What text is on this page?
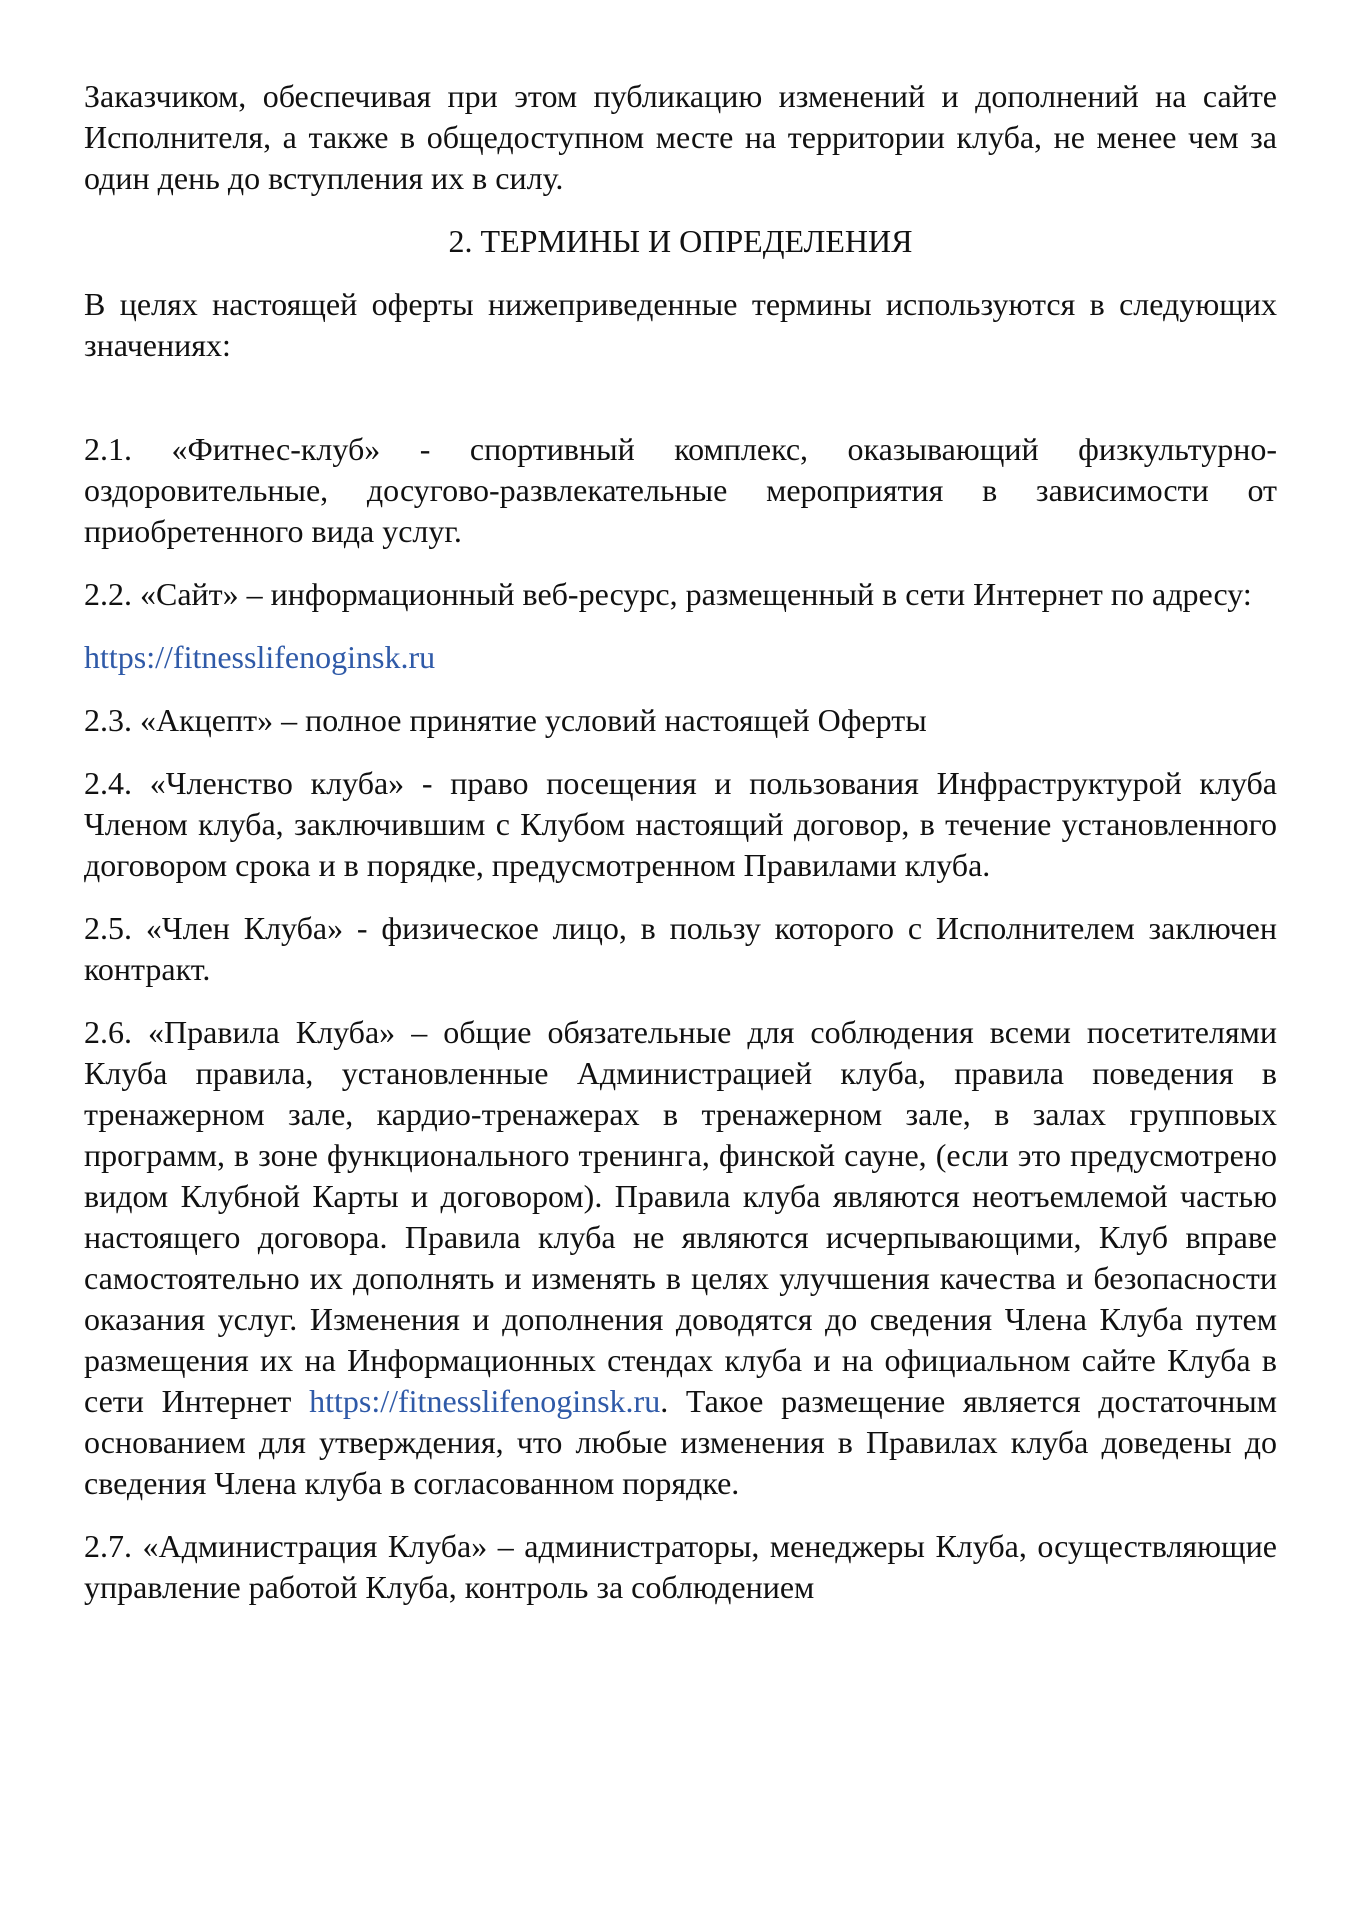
Заказчиком, обеспечивая при этом публикацию изменений и дополнений на сайте Исполнителя, а также в общедоступном месте на территории клуба, не менее чем за один день до вступления их в силу.

2. ТЕРМИНЫ И ОПРЕДЕЛЕНИЯ

В целях настоящей оферты нижеприведенные термины используются в следующих значениях:

2.1. «Фитнес-клуб» - спортивный комплекс, оказывающий физкультурно-оздоровительные, досугово-развлекательные мероприятия в зависимости от приобретенного вида услуг.

2.2. «Сайт» – информационный веб-ресурс, размещенный в сети Интернет по адресу:

https://fitnesslifenoginsk.ru

2.3. «Акцепт» – полное принятие условий настоящей Оферты

2.4. «Членство клуба» - право посещения и пользования Инфраструктурой клуба Членом клуба, заключившим с Клубом настоящий договор, в течение установленного договором срока и в порядке, предусмотренном Правилами клуба.

2.5. «Член Клуба» - физическое лицо, в пользу которого с Исполнителем заключен контракт.

2.6. «Правила Клуба» – общие обязательные для соблюдения всеми посетителями Клуба правила, установленные Администрацией клуба, правила поведения в тренажерном зале, кардио-тренажерах в тренажерном зале, в залах групповых программ, в зоне функционального тренинга, финской сауне, (если это предусмотрено видом Клубной Карты и договором). Правила клуба являются неотъемлемой частью настоящего договора. Правила клуба не являются исчерпывающими, Клуб вправе самостоятельно их дополнять и изменять в целях улучшения качества и безопасности оказания услуг. Изменения и дополнения доводятся до сведения Члена Клуба путем размещения их на Информационных стендах клуба и на официальном сайте Клуба в сети Интернет https://fitnesslifenoginsk.ru. Такое размещение является достаточным основанием для утверждения, что любые изменения в Правилах клуба доведены до сведения Члена клуба в согласованном порядке.

2.7. «Администрация Клуба» – администраторы, менеджеры Клуба, осуществляющие управление работой Клуба, контроль за соблюдением
